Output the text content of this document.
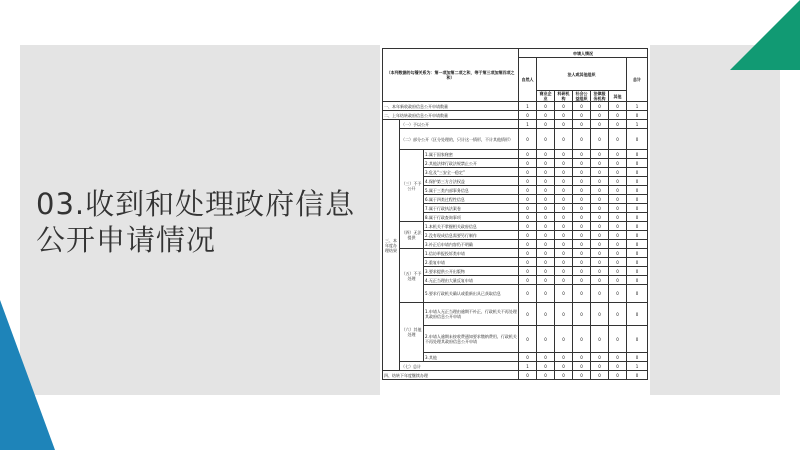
03.收到和处理政府信息
公开申请情况
（本列数据的勾稽关系为：第一项加第二项之和，等于第三项加第四项之和）			申请人情况						
			自然人	法人或其他组织					总计
				商业企业	科研机构	社会公益组织	法律服务机构	其他	
一、本年新收政府信息公开申请数量			1	0	0	0	0	0	1
二、上年结转政府信息公开申请数量			0	0	0	0	0	0	0
三、本年度办理结果	（一）予以公开		1	0	0	0	0	0	1
	（二）部分公开（区分处理的，只计这一情形，不计其他情形）		0	0	0	0	0	0	0
	（三）不予公开	1.属于国家秘密	0	0	0	0	0	0	0
		2.其他法律行政法规禁止公开	0	0	0	0	0	0	0
		3.危及“三安全一稳定”	0	0	0	0	0	0	0
		4.保护第三方合法权益	0	0	0	0	0	0	0
		5.属于三类内部事务信息	0	0	0	0	0	0	0
		6.属于四类过程性信息	0	0	0	0	0	0	0
		7.属于行政执法案卷	0	0	0	0	0	0	0
		8.属于行政查询事项	0	0	0	0	0	0	0
	（四）无法提供	1.本机关不掌握相关政府信息	0	0	0	0	0	0	0
		2.没有现成信息需要另行制作	0	0	0	0	0	0	0
		3.补正后申请内容仍不明确	0	0	0	0	0	0	0
	（五）不予处理	1.信访举报投诉类申请	0	0	0	0	0	0	0
		2.重复申请	0	0	0	0	0	0	0
		3.要求提供公开出版物	0	0	0	0	0	0	0
		4.无正当理由大量反复申请	0	0	0	0	0	0	0
		5.要求行政机关确认或重新出具已获取信息	0	0	0	0	0	0	0
	（六）其他处理	1.申请人无正当理由逾期不补正、行政机关不再处理其政府信息公开申请	0	0	0	0	0	0	0
		2.申请人逾期未按收费通知要求缴纳费用、行政机关不再处理其政府信息公开申请	0	0	0	0	0	0	0
		3.其他	0	0	0	0	0	0	0
	（七）总计		1	0	0	0	0	0	1
四、结转下年度继续办理			0	0	0	0	0	0	0
